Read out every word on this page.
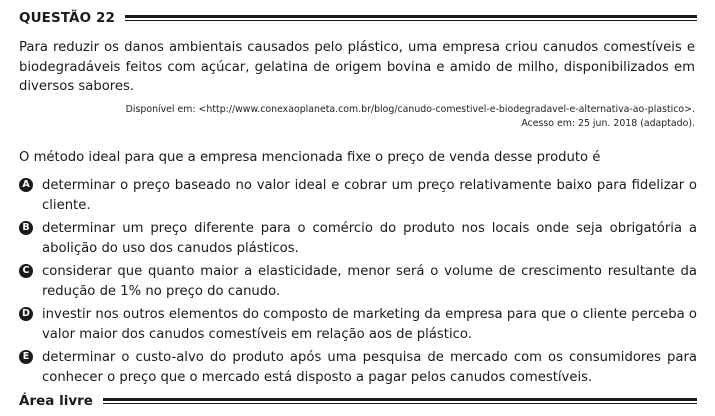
QUESTÃO 22
Para reduzir os danos ambientais causados pelo plástico, uma empresa criou canudos comestíveis e biodegradáveis feitos com açúcar, gelatina de origem bovina e amido de milho, disponibilizados em diversos sabores.
Disponível em: <http://www.conexaoplaneta.com.br/blog/canudo-comestivel-e-biodegradavel-e-alternativa-ao-plastico>.
Acesso em: 25 jun. 2018 (adaptado).
O método ideal para que a empresa mencionada fixe o preço de venda desse produto é
A determinar o preço baseado no valor ideal e cobrar um preço relativamente baixo para fidelizar o cliente.
B determinar um preço diferente para o comércio do produto nos locais onde seja obrigatória a abolição do uso dos canudos plásticos.
C considerar que quanto maior a elasticidade, menor será o volume de crescimento resultante da redução de 1% no preço do canudo.
D investir nos outros elementos do composto de marketing da empresa para que o cliente perceba o valor maior dos canudos comestíveis em relação aos de plástico.
E determinar o custo-alvo do produto após uma pesquisa de mercado com os consumidores para conhecer o preço que o mercado está disposto a pagar pelos canudos comestíveis.
Área livre
